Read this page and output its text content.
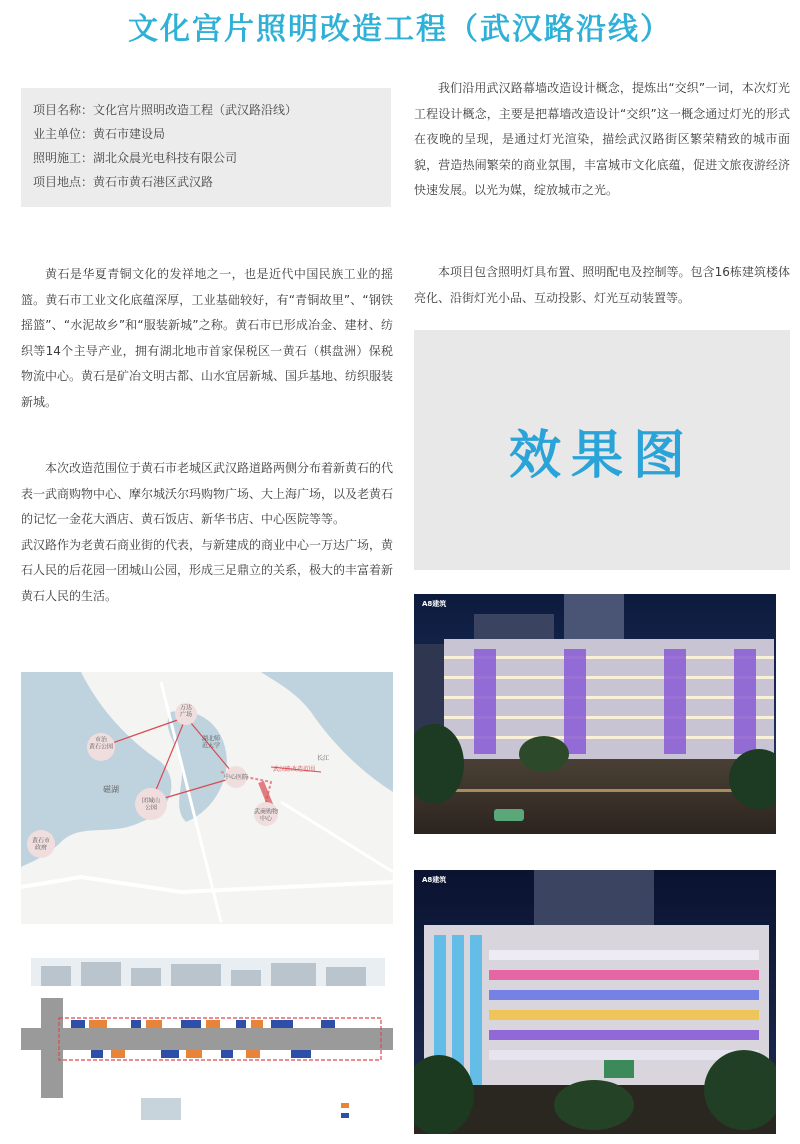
文化宫片照明改造工程（武汉路沿线）
项目名称：文化宫片照明改造工程（武汉路沿线）
业主单位：黄石市建设局
照明施工：湖北众晨光电科技有限公司
项目地点：黄石市黄石港区武汉路

黄石是华夏青铜文化的发祥地之一，也是近代中国民族工业的摇篮。黄石市工业文化底蕴深厚，工业基础较好，有“青铜故里”、“钢铁摇篮”、“水泥故乡”和“服装新城”之称。黄石市已形成冶金、建材、纺织等14个主导产业，拥有湖北地市首家保税区一黄石（棋盘洲）保税物流中心。黄石是矿冶文明古都、山水宜居新城、国乒基地、纺织服装新城。

本次改造范围位于黄石市老城区武汉路道路两侧分布着新黄石的代表一武商购物中心、摩尔城沃尔玛购物广场、大上海广场，以及老黄石的记忆一金花大酒店、黄石饭店、新华书店、中心医院等等。

武汉路作为老黄石商业街的代表，与新建成的商业中心一万达广场，黄石人民的后花园一团城山公园，形成三足鼎立的关系，极大的丰富着新黄石人民的生活。

我们沿用武汉路幕墙改造设计概念，提炼出“交织”一词，本次灯光工程设计概念，主要是把幕墙改造设计“交织”这一概念通过灯光的形式在夜晚的呈现，是通过灯光渲染，描绘武汉路街区繁荣精致的城市面貌，营造热闹繁荣的商业氛围，丰富城市文化底蕴，促进文旅夜游经济快速发展。以光为媒，绽放城市之光。

本项目包含照明灯具布置、照明配电及控制等。包含16栋建筑楼体亮化、沿街灯光小品、互动投影、灯光互动装置等。

效果图
A8建筑
A8建筑
市治黄石公园
万达广场
湖北师范大学
磁湖
中心医院
武汉路改造范围
长江
团城山公园
武商购物中心
黄石市政府
